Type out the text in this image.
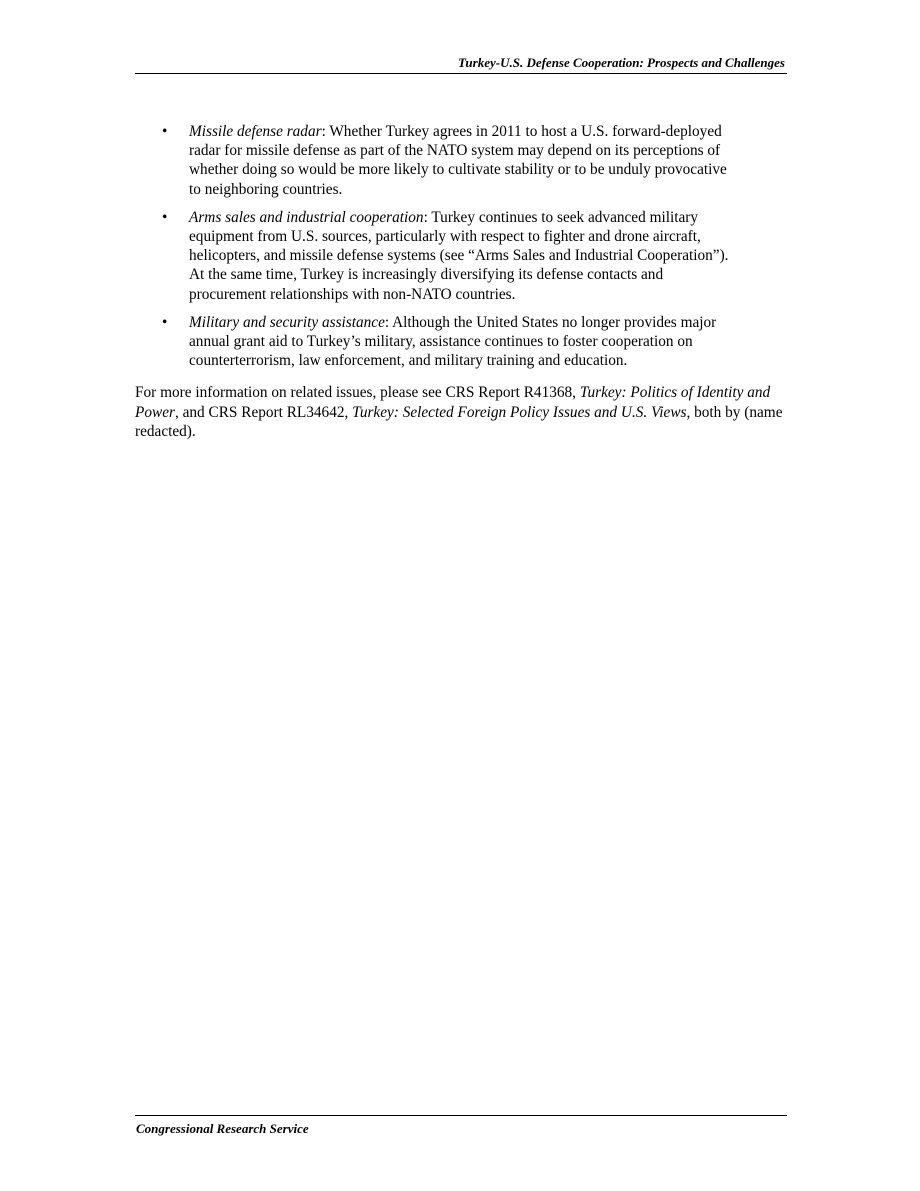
Turkey-U.S. Defense Cooperation: Prospects and Challenges
• Missile defense radar: Whether Turkey agrees in 2011 to host a U.S. forward-deployed radar for missile defense as part of the NATO system may depend on its perceptions of whether doing so would be more likely to cultivate stability or to be unduly provocative to neighboring countries.
• Arms sales and industrial cooperation: Turkey continues to seek advanced military equipment from U.S. sources, particularly with respect to fighter and drone aircraft, helicopters, and missile defense systems (see “Arms Sales and Industrial Cooperation”). At the same time, Turkey is increasingly diversifying its defense contacts and procurement relationships with non-NATO countries.
• Military and security assistance: Although the United States no longer provides major annual grant aid to Turkey’s military, assistance continues to foster cooperation on counterterrorism, law enforcement, and military training and education.

For more information on related issues, please see CRS Report R41368, Turkey: Politics of Identity and Power, and CRS Report RL34642, Turkey: Selected Foreign Policy Issues and U.S. Views, both by (name redacted).

Congressional Research Service
